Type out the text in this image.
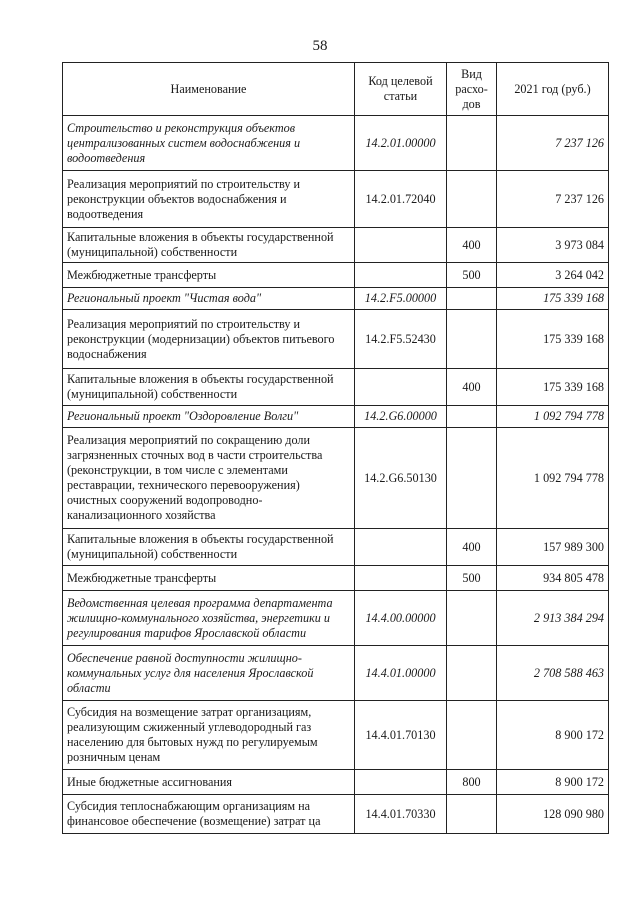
58
Наименование	Код целевой статьи	Вид расхо-дов	2021 год (руб.)
Строительство и реконструкция объектов централизованных систем водоснабжения и водоотведения	14.2.01.00000		7 237 126
Реализация мероприятий по строительству и реконструкции объектов водоснабжения и водоотведения	14.2.01.72040		7 237 126
Капитальные вложения в объекты государственной (муниципальной) собственности		400	3 973 084
Межбюджетные трансферты		500	3 264 042
Региональный проект "Чистая вода"	14.2.F5.00000		175 339 168
Реализация мероприятий по строительству и реконструкции (модернизации) объектов питьевого водоснабжения	14.2.F5.52430		175 339 168
Капитальные вложения в объекты государственной (муниципальной) собственности		400	175 339 168
Региональный проект "Оздоровление Волги"	14.2.G6.00000		1 092 794 778
Реализация мероприятий по сокращению доли загрязненных сточных вод в части строительства (реконструкции, в том числе с элементами реставрации, технического перевооружения) очистных сооружений водопроводно-канализационного хозяйства	14.2.G6.50130		1 092 794 778
Капитальные вложения в объекты государственной (муниципальной) собственности		400	157 989 300
Межбюджетные трансферты		500	934 805 478
Ведомственная целевая программа департамента жилищно-коммунального хозяйства, энергетики и регулирования тарифов Ярославской области	14.4.00.00000		2 913 384 294
Обеспечение равной доступности жилищно-коммунальных услуг для населения Ярославской области	14.4.01.00000		2 708 588 463
Субсидия на возмещение затрат организациям, реализующим сжиженный углеводородный газ населению для бытовых нужд по регулируемым розничным ценам	14.4.01.70130		8 900 172
Иные бюджетные ассигнования		800	8 900 172
Субсидия теплоснабжающим организациям на финансовое обеспечение (возмещение) затрат ца	14.4.01.70330		128 090 980
